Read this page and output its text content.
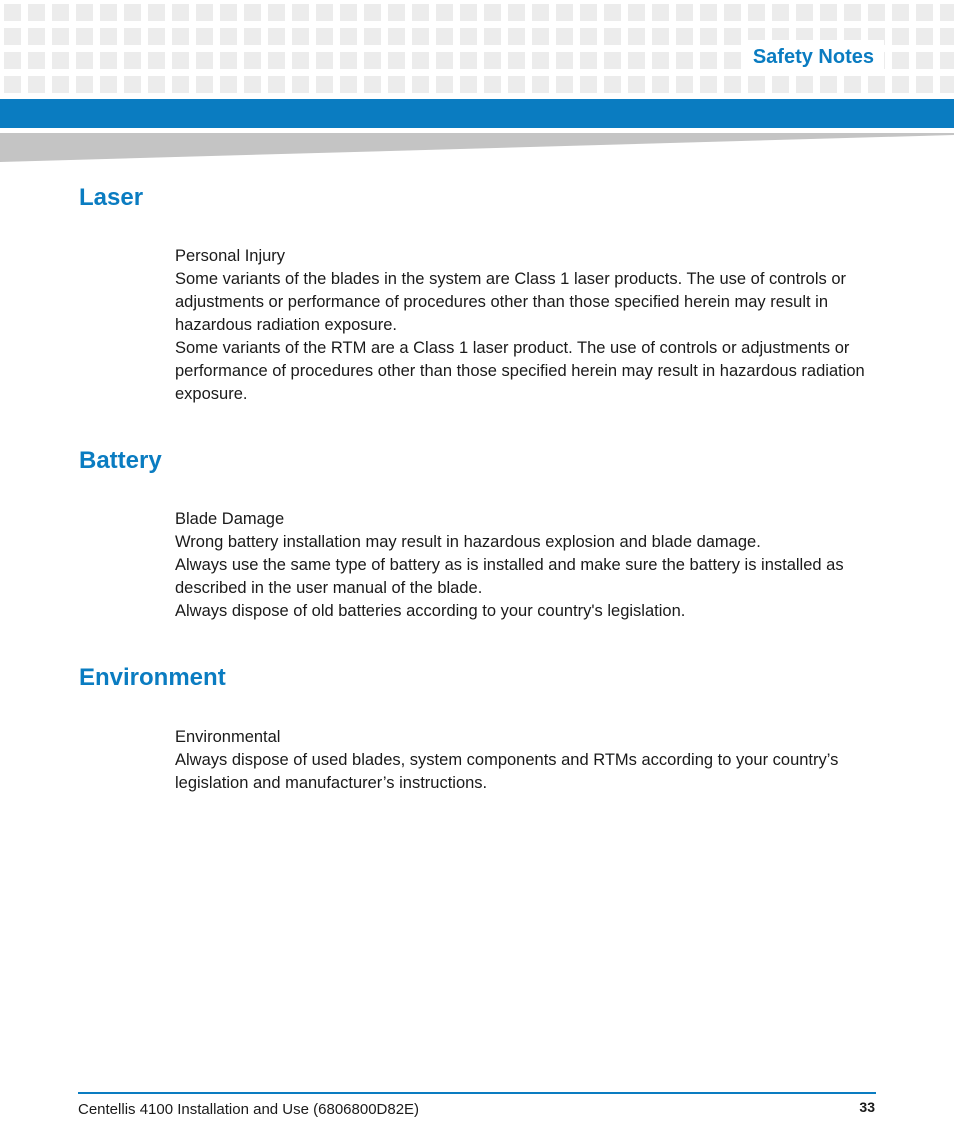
Safety Notes
Laser

Personal Injury

Some variants of the blades in the system are Class 1 laser products. The use of controls or adjustments or performance of procedures other than those specified herein may result in hazardous radiation exposure.

Some variants of the RTM are a Class 1 laser product. The use of controls or adjustments or performance of procedures other than those specified herein may result in hazardous radiation exposure.

Battery

Blade Damage

Wrong battery installation may result in hazardous explosion and blade damage.

Always use the same type of battery as is installed and make sure the battery is installed as described in the user manual of the blade.

Always dispose of old batteries according to your country's legislation.

Environment

Environmental

Always dispose of used blades, system components and RTMs according to your country’s legislation and manufacturer’s instructions.

Centellis 4100 Installation and Use (6806800D82E)	33
